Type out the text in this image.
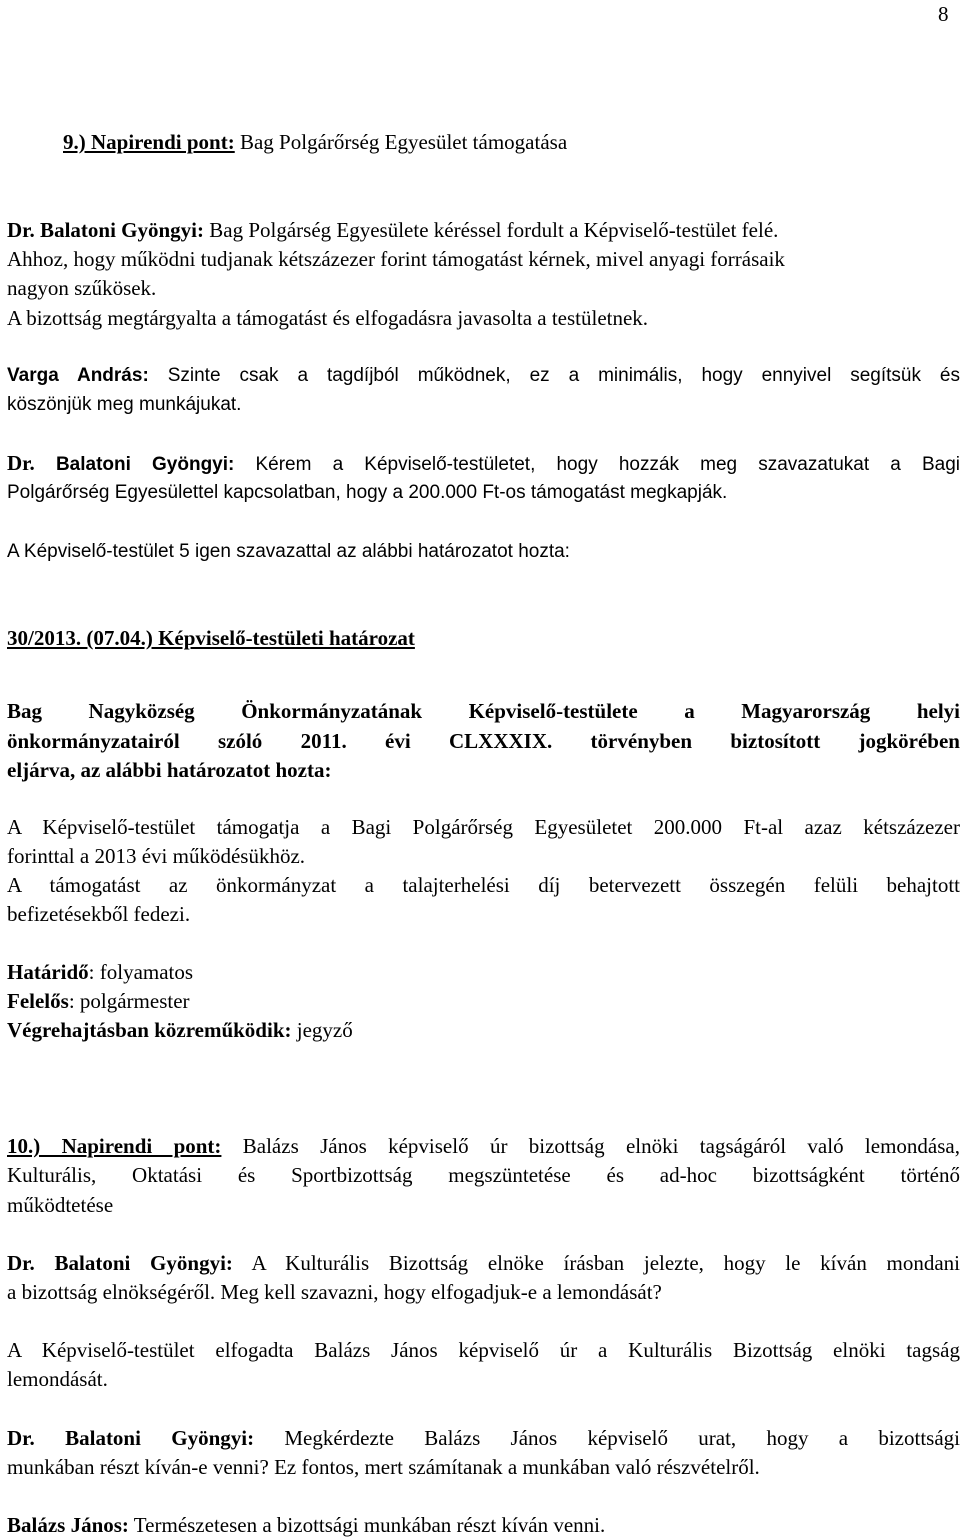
8
9.) Napirendi pont: Bag Polgárőrség Egyesület támogatása
Dr. Balatoni Gyöngyi: Bag Polgárség Egyesülete kéréssel fordult a Képviselő-testület felé.
Ahhoz, hogy működni tudjanak kétszázezer forint támogatást kérnek, mivel anyagi forrásaik
nagyon szűkösek.
A bizottság megtárgyalta a támogatást és elfogadásra javasolta a testületnek.
Varga András: Szinte csak a tagdíjból működnek, ez a minimális, hogy ennyivel segítsük és
köszönjük meg munkájukat.
Dr. Balatoni Gyöngyi: Kérem a Képviselő-testületet, hogy hozzák meg szavazatukat a Bagi
Polgárőrség Egyesülettel kapcsolatban, hogy a 200.000 Ft-os támogatást megkapják.
A Képviselő-testület 5 igen szavazattal az alábbi határozatot hozta:
30/2013. (07.04.) Képviselő-testületi határozat
Bag Nagyközség Önkormányzatának Képviselő-testülete a Magyarország helyi
önkormányzatairól szóló 2011. évi CLXXXIX. törvényben biztosított jogkörében
eljárva, az alábbi határozatot hozta:
A Képviselő-testület támogatja a Bagi Polgárőrség Egyesületet 200.000 Ft-al azaz kétszázezer
forinttal a 2013 évi működésükhöz.
A támogatást az önkormányzat a talajterhelési díj betervezett összegén felüli behajtott
befizetésekből fedezi.
Határidő: folyamatos
Felelős: polgármester
Végrehajtásban közreműködik: jegyző
10.) Napirendi pont: Balázs János képviselő úr bizottság elnöki tagságáról való lemondása,
Kulturális, Oktatási és Sportbizottság megszüntetése és ad-hoc bizottságként történő
működtetése
Dr. Balatoni Gyöngyi: A Kulturális Bizottság elnöke írásban jelezte, hogy le kíván mondani
a bizottság elnökségéről. Meg kell szavazni, hogy elfogadjuk-e a lemondását?
A Képviselő-testület elfogadta Balázs János képviselő úr a Kulturális Bizottság elnöki tagság
lemondását.
Dr. Balatoni Gyöngyi: Megkérdezte Balázs János képviselő urat, hogy a bizottsági
munkában részt kíván-e venni? Ez fontos, mert számítanak a munkában való részvételről.
Balázs János: Természetesen a bizottsági munkában részt kíván venni.
